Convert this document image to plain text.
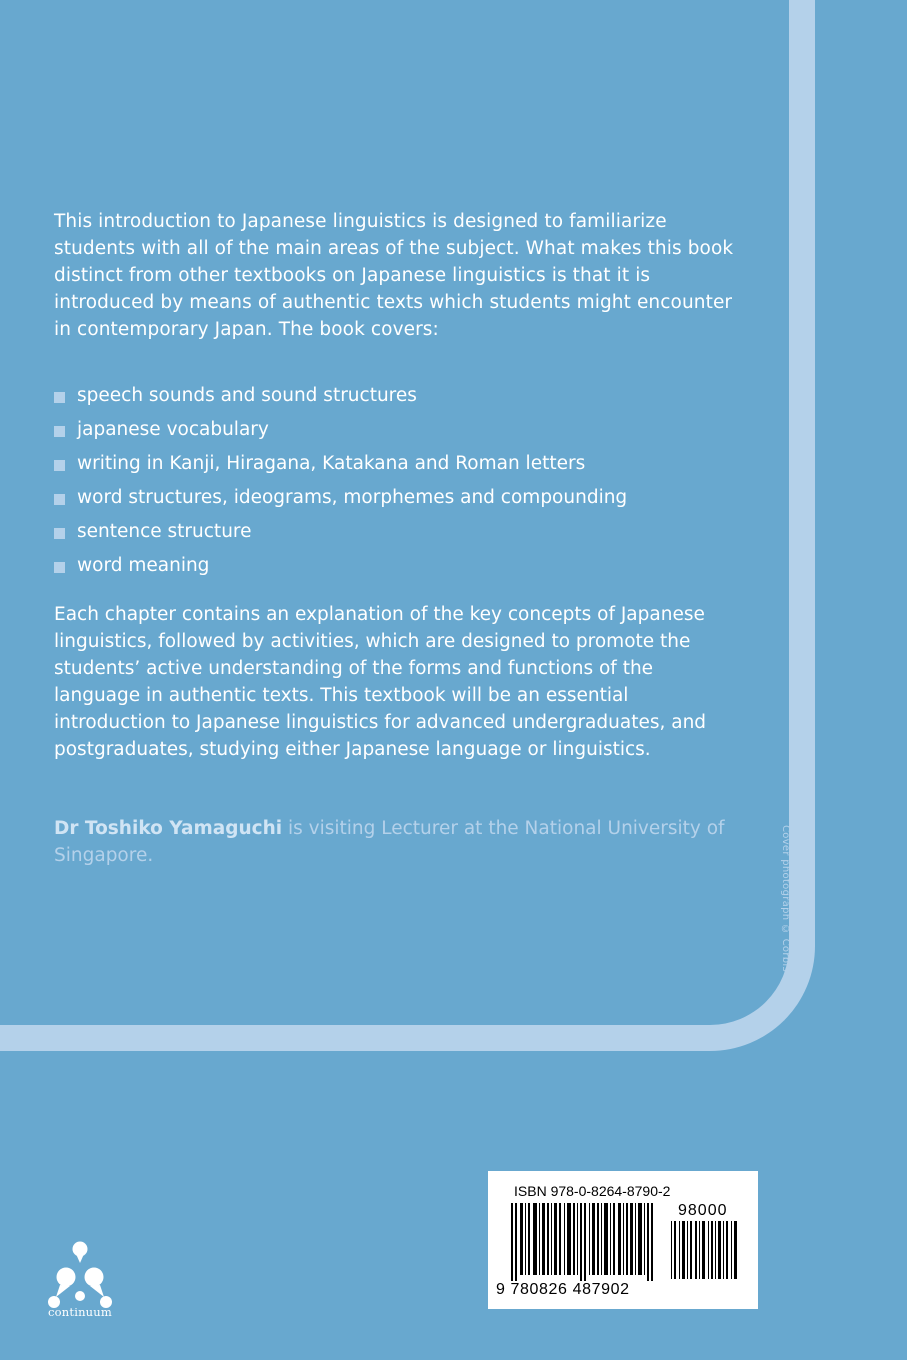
This introduction to Japanese linguistics is designed to familiarize students with all of the main areas of the subject. What makes this book distinct from other textbooks on Japanese linguistics is that it is introduced by means of authentic texts which students might encounter in contemporary Japan. The book covers:

speech sounds and sound structures
japanese vocabulary
writing in Kanji, Hiragana, Katakana and Roman letters
word structures, ideograms, morphemes and compounding
sentence structure
word meaning

Each chapter contains an explanation of the key concepts of Japanese linguistics, followed by activities, which are designed to promote the students’ active understanding of the forms and functions of the language in authentic texts. This textbook will be an essential introduction to Japanese linguistics for advanced undergraduates, and postgraduates, studying either Japanese language or linguistics.

Dr Toshiko Yamaguchi is visiting Lecturer at the National University of Singapore.	Cover photograph © Corbis
continuum
ISBN 978-0-8264-8790-2
98000
9 780826 487902
